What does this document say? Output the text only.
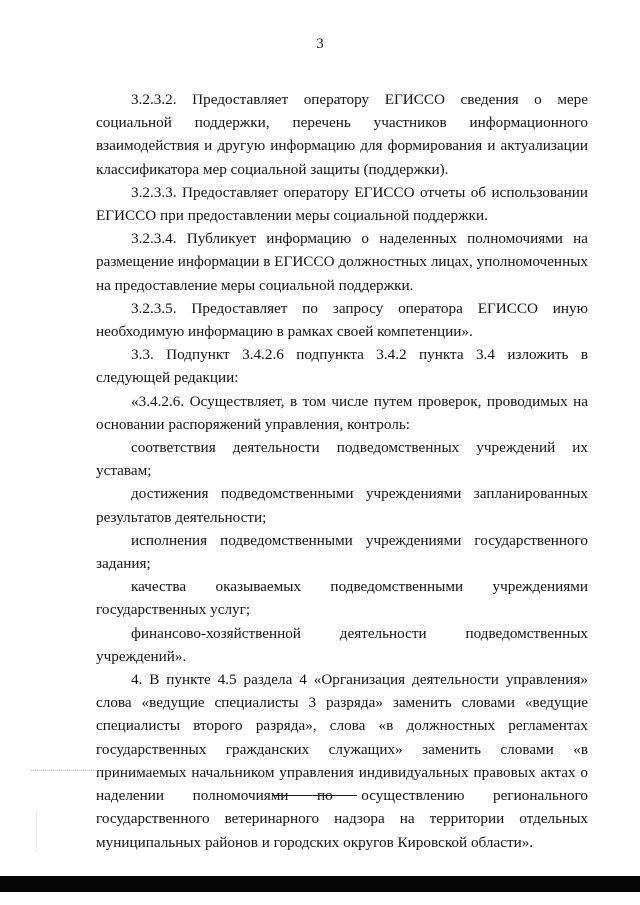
3

3.2.3.2. Предоставляет оператору ЕГИССО сведения о мере социальной поддержки, перечень участников информационного взаимодействия и другую информацию для формирования и актуализации классификатора мер социальной защиты (поддержки).

3.2.3.3. Предоставляет оператору ЕГИССО отчеты об использовании ЕГИССО при предоставлении меры социальной поддержки.

3.2.3.4. Публикует информацию о наделенных полномочиями на размещение информации в ЕГИССО должностных лицах, уполномоченных на предоставление меры социальной поддержки.

3.2.3.5. Предоставляет по запросу оператора ЕГИССО иную необходимую информацию в рамках своей компетенции».

3.3. Подпункт 3.4.2.6 подпункта 3.4.2 пункта 3.4 изложить в следующей редакции:

«3.4.2.6. Осуществляет, в том числе путем проверок, проводимых на основании распоряжений управления, контроль:

соответствия деятельности подведомственных учреждений их уставам;

достижения подведомственными учреждениями запланированных результатов деятельности;

исполнения подведомственными учреждениями государственного задания;

качества оказываемых подведомственными учреждениями государственных услуг;

финансово-хозяйственной деятельности подведомственных учреждений».

4. В пункте 4.5 раздела 4 «Организация деятельности управления» слова «ведущие специалисты 3 разряда» заменить словами «ведущие специалисты второго разряда», слова «в должностных регламентах государственных гражданских служащих» заменить словами «в принимаемых начальником управления индивидуальных правовых актах о наделении полномочиями по осуществлению регионального государственного ветеринарного надзора на территории отдельных муниципальных районов и городских округов Кировской области».
